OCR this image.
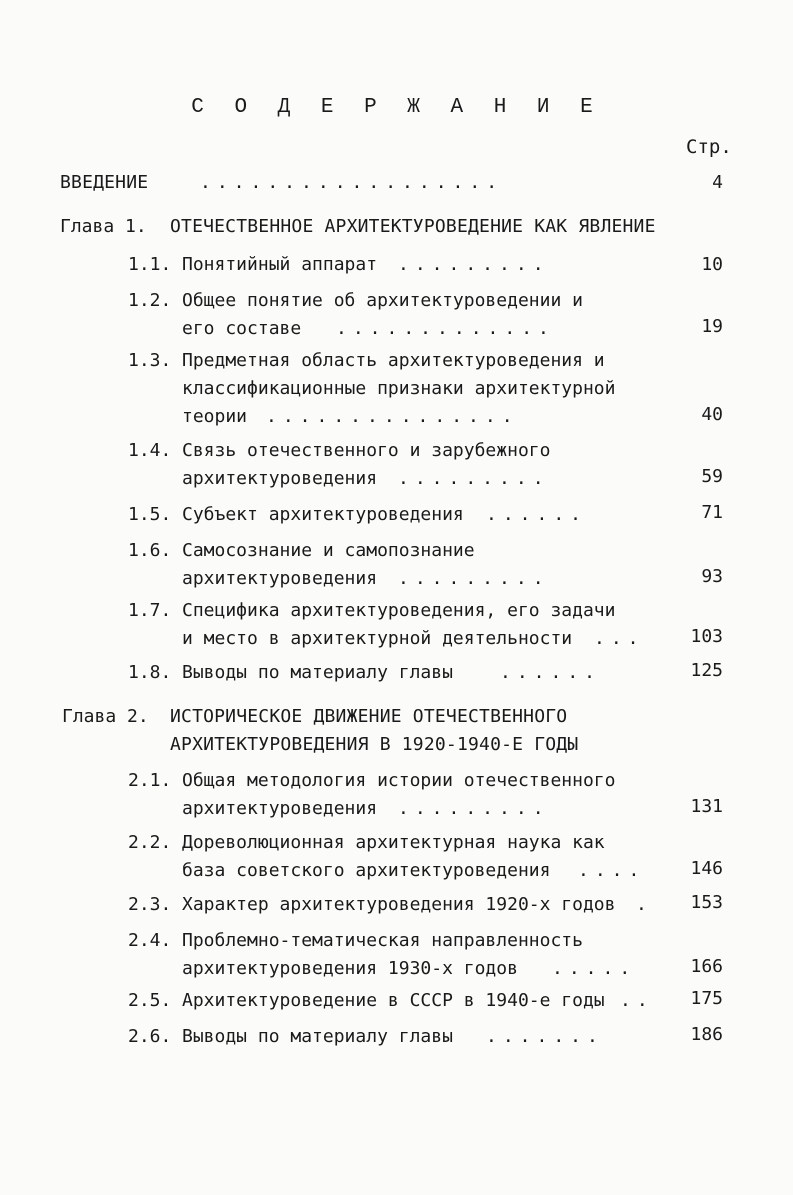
С О Д Е Р Ж А Н И Е
Стр.
ВВЕДЕНИЕ	..................	4
Глава 1. ОТЕЧЕСТВЕННОЕ АРХИТЕКТУРОВЕДЕНИЕ КАК ЯВЛЕНИЕ
1.1. Понятийный аппарат .........	10
1.2. Общее понятие об архитектуроведении и
его составе .............	19
1.3. Предметная область архитектуроведения и
классификационные признаки архитектурной
теории ...............	40
1.4. Связь отечественного и зарубежного
архитектуроведения .........	59
1.5. Субъект архитектуроведения ......	71
1.6. Самосознание и самопознание
архитектуроведения .........	93
1.7. Специфика архитектуроведения, его задачи
и место в архитектурной деятельности ...	103
1.8. Выводы по материалу главы	......	125
Глава 2. ИСТОРИЧЕСКОЕ ДВИЖЕНИЕ ОТЕЧЕСТВЕННОГО
АРХИТЕКТУРОВЕДЕНИЯ В 1920-1940-Е ГОДЫ
2.1. Общая методология истории отечественного
архитектуроведения .........	131
2.2. Дореволюционная архитектурная наука как
база советского архитектуроведения ....	146
2.3. Характер архитектуроведения 1920-х годов .	153
2.4. Проблемно-тематическая направленность
архитектуроведения 1930-х годов .....	166
2.5. Архитектуроведение в СССР в 1940-е годы ..	175
2.6. Выводы по материалу главы .......	186
